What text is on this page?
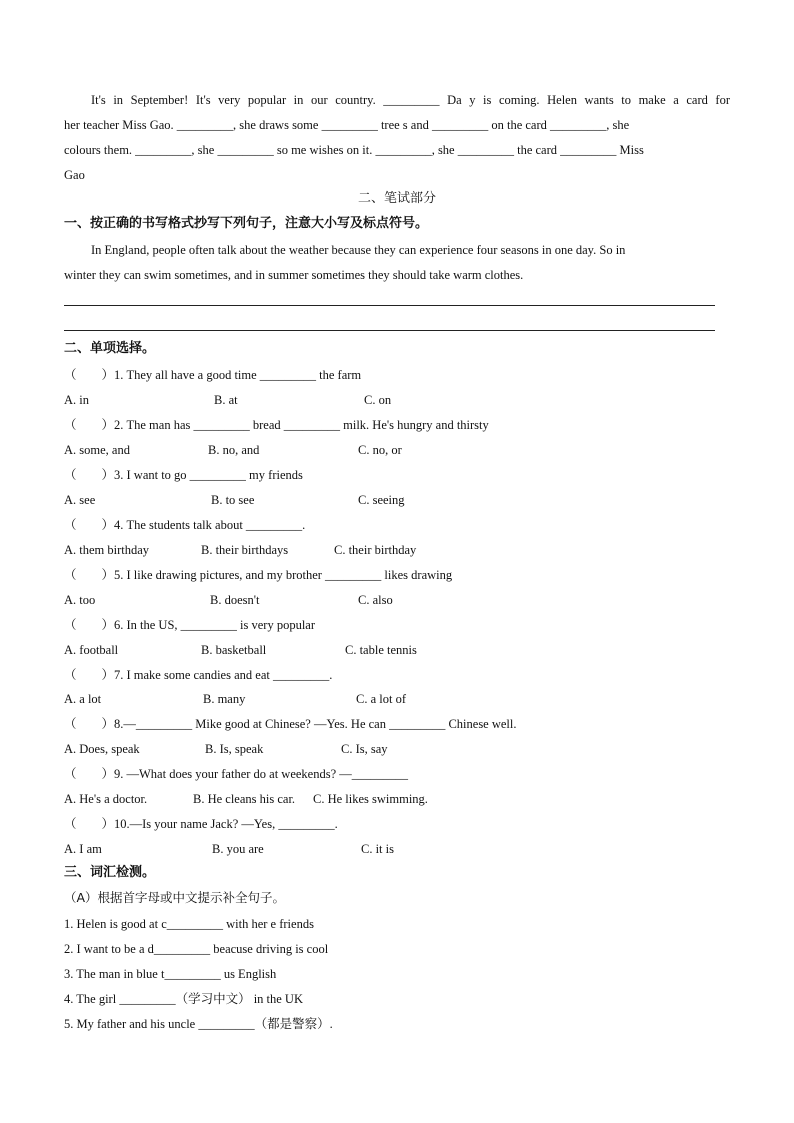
It's in September! It's very popular in our country. _________ Da y is coming. Helen wants to make a card for
her teacher Miss Gao. _________, she draws some _________ tree s and _________ on the card _________, she
colours them. _________, she _________ so me wishes on it. _________, she _________ the card _________ Miss
Gao
二、笔试部分
一、按正确的书写格式抄写下列句子，注意大小写及标点符号。
In England, people often talk about the weather because they can experience four seasons in one day. So in
winter they can swim sometimes, and in summer sometimes they should take warm clothes.
二、单项选择。
（　　）1. They all have a good time _________ the farm
A. in	B. at	C. on
（　　）2. The man has _________ bread _________ milk. He's hungry and thirsty
A. some, and	B. no, and	C. no, or
（　　）3. I want to go _________ my friends
A. see	B. to see	C. seeing
（　　）4. The students talk about _________.
A. them birthday	B. their birthdays	C. their birthday
（　　）5. I like drawing pictures, and my brother _________ likes drawing
A. too	B. doesn't	C. also
（　　）6. In the US, _________ is very popular
A. football	B. basketball	C. table tennis
（　　）7. I make some candies and eat _________.
A. a lot	B. many	C. a lot of
（　　）8.—_________ Mike good at Chinese? —Yes. He can _________ Chinese well.
A. Does, speak	B. Is, speak	C. Is, say
（　　）9. —What does your father do at weekends? —_________
A. He's a doctor.	B. He cleans his car. C. He likes swimming.
（　　）10.—Is your name Jack? —Yes, _________.
A. I am	B. you are	C. it is
三、词汇检测。
（A）根据首字母或中文提示补全句子。
1. Helen is good at c_________ with her e friends
2. I want to be a d_________ beacuse driving is cool
3. The man in blue t_________ us English
4. The girl _________（学习中文） in the UK
5. My father and his uncle _________（都是警察）.
